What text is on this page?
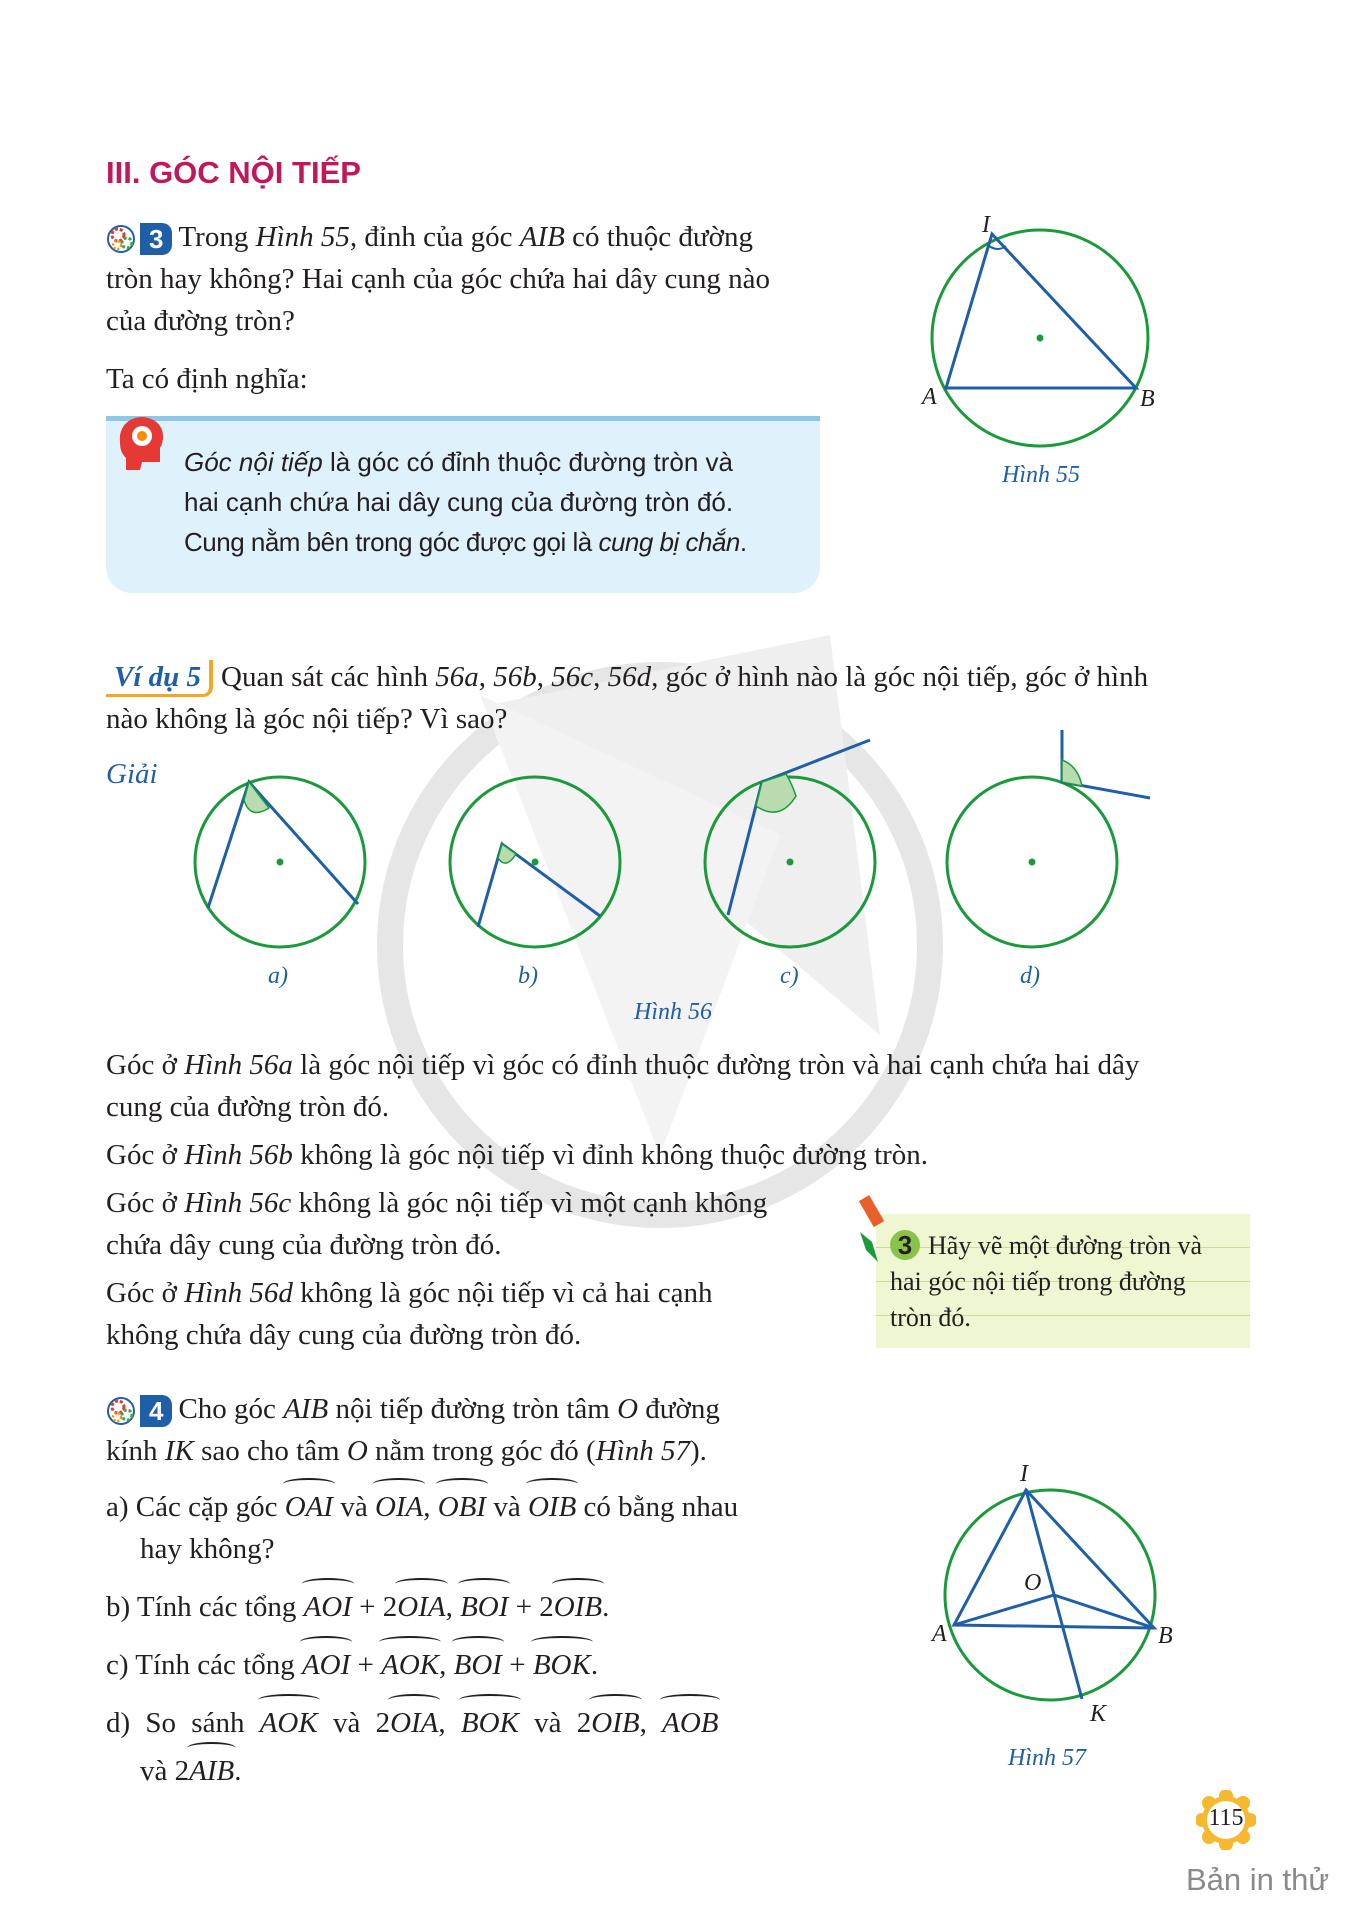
III. GÓC NỘI TIẾP
3 Trong Hình 55, đỉnh của góc AIB có thuộc đường
tròn hay không? Hai cạnh của góc chứa hai dây cung nào
của đường tròn?
Ta có định nghĩa:
Góc nội tiếp là góc có đỉnh thuộc đường tròn và
hai cạnh chứa hai dây cung của đường tròn đó.
Cung nằm bên trong góc được gọi là cung bị chắn.
I
A	B
Hình 55
Ví dụ 5 Quan sát các hình 56a, 56b, 56c, 56d, góc ở hình nào là góc nội tiếp, góc ở hình
nào không là góc nội tiếp? Vì sao?
Giải
a)	b)	c)	d)
Hình 56
Góc ở Hình 56a là góc nội tiếp vì góc có đỉnh thuộc đường tròn và hai cạnh chứa hai dây
cung của đường tròn đó.
Góc ở Hình 56b không là góc nội tiếp vì đỉnh không thuộc đường tròn.
Góc ở Hình 56c không là góc nội tiếp vì một cạnh không
chứa dây cung của đường tròn đó.
Góc ở Hình 56d không là góc nội tiếp vì cả hai cạnh
không chứa dây cung của đường tròn đó.
3 Hãy vẽ một đường tròn và
hai góc nội tiếp trong đường
tròn đó.
4 Cho góc AIB nội tiếp đường tròn tâm O đường
kính IK sao cho tâm O nằm trong góc đó (Hình 57).
a) Các cặp góc OAI và OIA, OBI và OIB có bằng nhau
hay không?
b) Tính các tổng AOI + 2OIA, BOI + 2OIB.
c) Tính các tổng AOI + AOK, BOI + BOK.
d) So sánh AOK và 2OIA, BOK và 2OIB, AOB
và 2AIB.
I
O
A	B
K
Hình 57
115
Bản in thử
